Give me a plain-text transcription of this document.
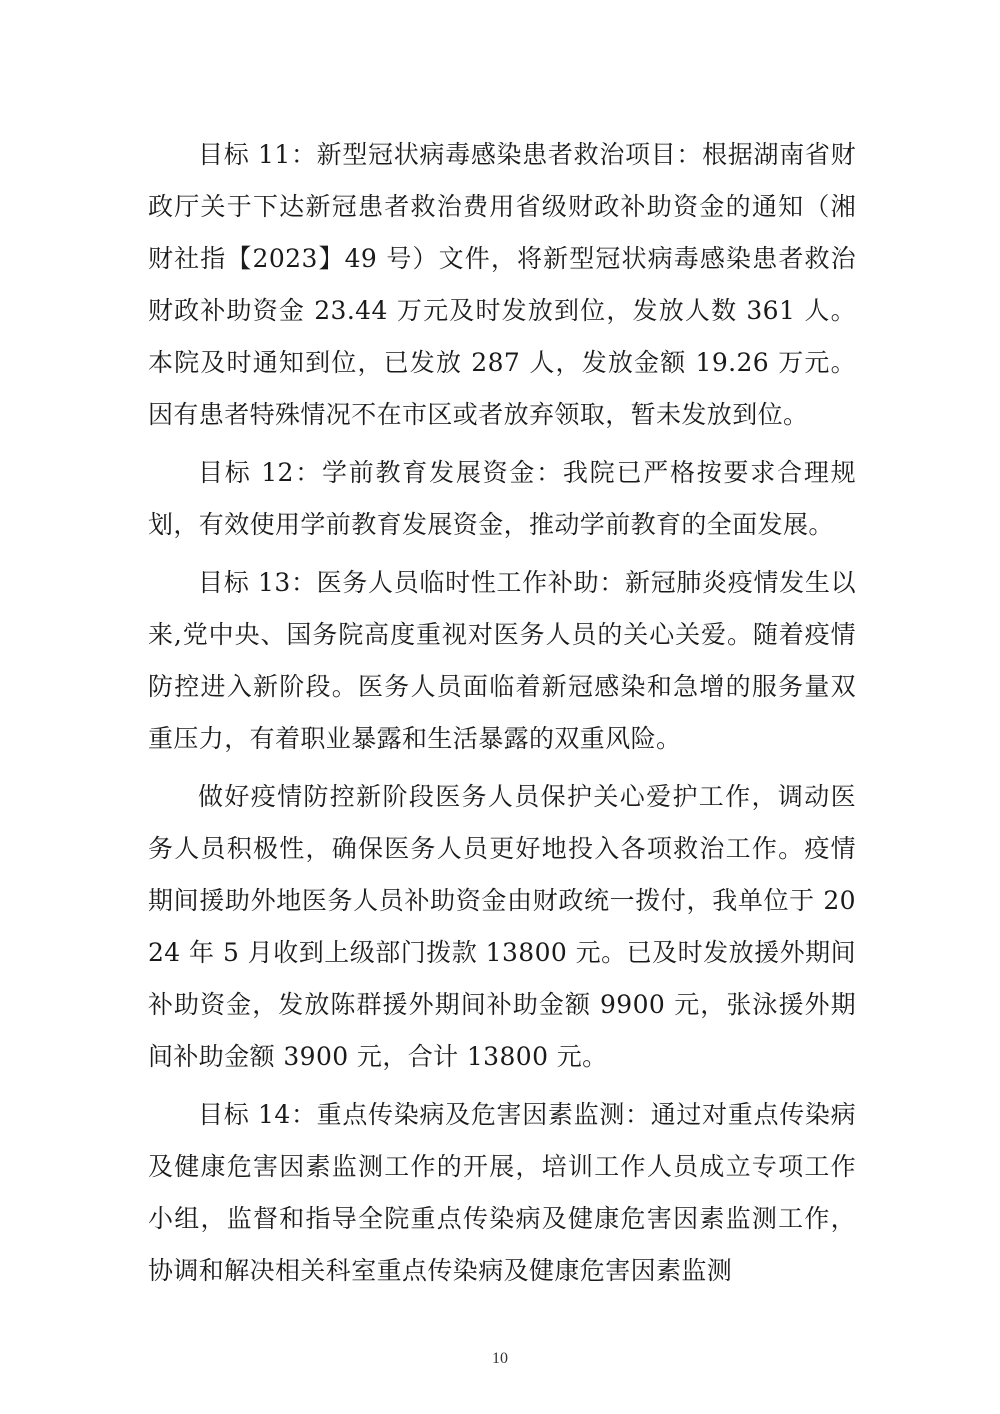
目标 11：新型冠状病毒感染患者救治项目：根据湖南省财政厅关于下达新冠患者救治费用省级财政补助资金的通知（湘财社指【2023】49 号）文件，将新型冠状病毒感染患者救治财政补助资金 23.44 万元及时发放到位，发放人数 361 人。本院及时通知到位，已发放 287 人，发放金额 19.26 万元。因有患者特殊情况不在市区或者放弃领取，暂未发放到位。

目标 12：学前教育发展资金：我院已严格按要求合理规划，有效使用学前教育发展资金，推动学前教育的全面发展。

目标 13：医务人员临时性工作补助：新冠肺炎疫情发生以来,党中央、国务院高度重视对医务人员的关心关爱。随着疫情防控进入新阶段。医务人员面临着新冠感染和急增的服务量双重压力，有着职业暴露和生活暴露的双重风险。

做好疫情防控新阶段医务人员保护关心爱护工作，调动医务人员积极性，确保医务人员更好地投入各项救治工作。疫情期间援助外地医务人员补助资金由财政统一拨付，我单位于 2024 年 5 月收到上级部门拨款 13800 元。已及时发放援外期间补助资金，发放陈群援外期间补助金额 9900 元，张泳援外期间补助金额 3900 元，合计 13800 元。

目标 14：重点传染病及危害因素监测：通过对重点传染病及健康危害因素监测工作的开展，培训工作人员成立专项工作小组，监督和指导全院重点传染病及健康危害因素监测工作，协调和解决相关科室重点传染病及健康危害因素监测

10
